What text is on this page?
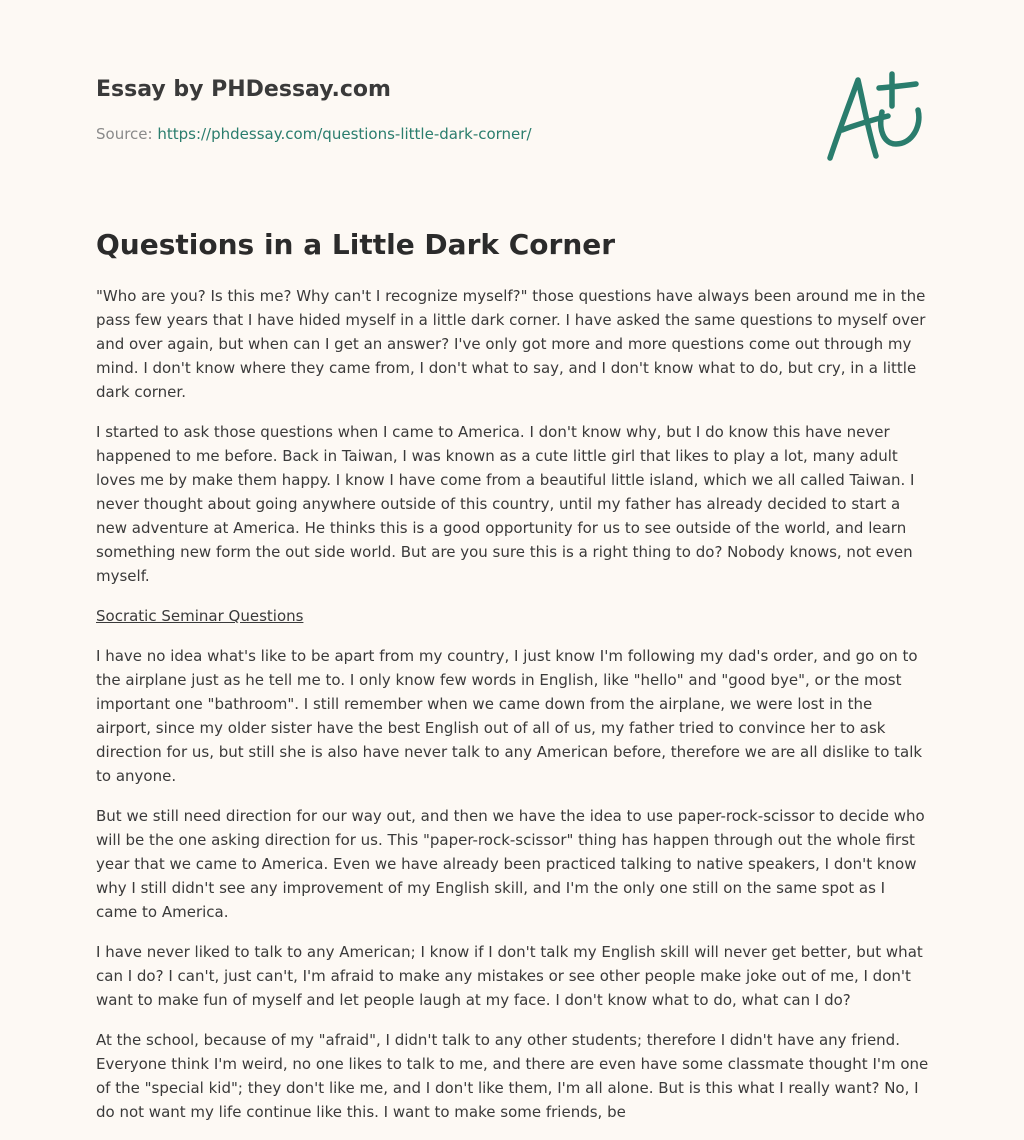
Essay by PHDessay.com

Source: https://phdessay.com/questions-little-dark-corner/

Questions in a Little Dark Corner

"Who are you? Is this me? Why can't I recognize myself?" those questions have always been around me in the pass few years that I have hided myself in a little dark corner. I have asked the same questions to myself over and over again, but when can I get an answer? I've only got more and more questions come out through my mind. I don't know where they came from, I don't what to say, and I don't know what to do, but cry, in a little dark corner.

I started to ask those questions when I came to America. I don't know why, but I do know this have never happened to me before. Back in Taiwan, I was known as a cute little girl that likes to play a lot, many adult loves me by make them happy. I know I have come from a beautiful little island, which we all called Taiwan. I never thought about going anywhere outside of this country, until my father has already decided to start a new adventure at America. He thinks this is a good opportunity for us to see outside of the world, and learn something new form the out side world. But are you sure this is a right thing to do? Nobody knows, not even myself.

Socratic Seminar Questions

I have no idea what's like to be apart from my country, I just know I'm following my dad's order, and go on to the airplane just as he tell me to. I only know few words in English, like "hello" and "good bye", or the most important one "bathroom". I still remember when we came down from the airplane, we were lost in the airport, since my older sister have the best English out of all of us, my father tried to convince her to ask direction for us, but still she is also have never talk to any American before, therefore we are all dislike to talk to anyone.

But we still need direction for our way out, and then we have the idea to use paper-rock-scissor to decide who will be the one asking direction for us. This "paper-rock-scissor" thing has happen through out the whole first year that we came to America. Even we have already been practiced talking to native speakers, I don't know why I still didn't see any improvement of my English skill, and I'm the only one still on the same spot as I came to America.

I have never liked to talk to any American; I know if I don't talk my English skill will never get better, but what can I do? I can't, just can't, I'm afraid to make any mistakes or see other people make joke out of me, I don't want to make fun of myself and let people laugh at my face. I don't know what to do, what can I do?

At the school, because of my "afraid", I didn't talk to any other students; therefore I didn't have any friend. Everyone think I'm weird, no one likes to talk to me, and there are even have some classmate thought I'm one of the "special kid"; they don't like me, and I don't like them, I'm all alone. But is this what I really want? No, I do not want my life continue like this. I want to make some friends, be
